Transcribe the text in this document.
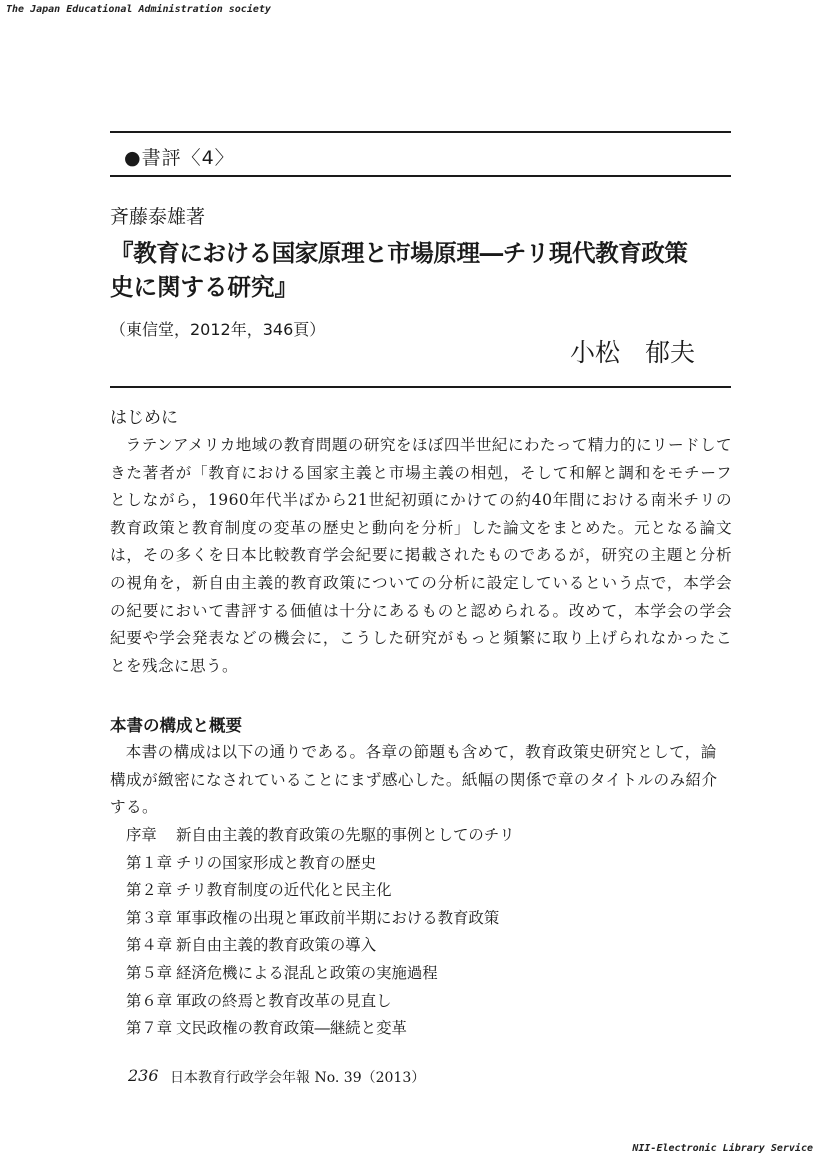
The Japan Educational Administration society
●書評〈4〉
斉藤泰雄著
『教育における国家原理と市場原理―チリ現代教育政策
史に関する研究』
（東信堂，2012年，346頁）
小松　郁夫
はじめに

ラテンアメリカ地域の教育問題の研究をほぼ四半世紀にわたって精力的にリードしてきた著者が「教育における国家主義と市場主義の相剋，そして和解と調和をモチーフとしながら，1960年代半ばから21世紀初頭にかけての約40年間における南米チリの教育政策と教育制度の変革の歴史と動向を分析」した論文をまとめた。元となる論文は，その多くを日本比較教育学会紀要に掲載されたものであるが，研究の主題と分析の視角を，新自由主義的教育政策についての分析に設定しているという点で，本学会の紀要において書評する価値は十分にあるものと認められる。改めて，本学会の学会紀要や学会発表などの機会に，こうした研究がもっと頻繁に取り上げられなかったことを残念に思う。

本書の構成と概要

本書の構成は以下の通りである。各章の節題も含めて，教育政策史研究として，論構成が緻密になされていることにまず感心した。紙幅の関係で章のタイトルのみ紹介する。

序章	新自由主義的教育政策の先駆的事例としてのチリ
第１章 チリの国家形成と教育の歴史
第２章 チリ教育制度の近代化と民主化
第３章 軍事政権の出現と軍政前半期における教育政策
第４章 新自由主義的教育政策の導入
第５章 経済危機による混乱と政策の実施過程
第６章 軍政の終焉と教育改革の見直し
第７章 文民政権の教育政策―継続と変革
236 日本教育行政学会年報 No. 39（2013）
NII-Electronic Library Service
